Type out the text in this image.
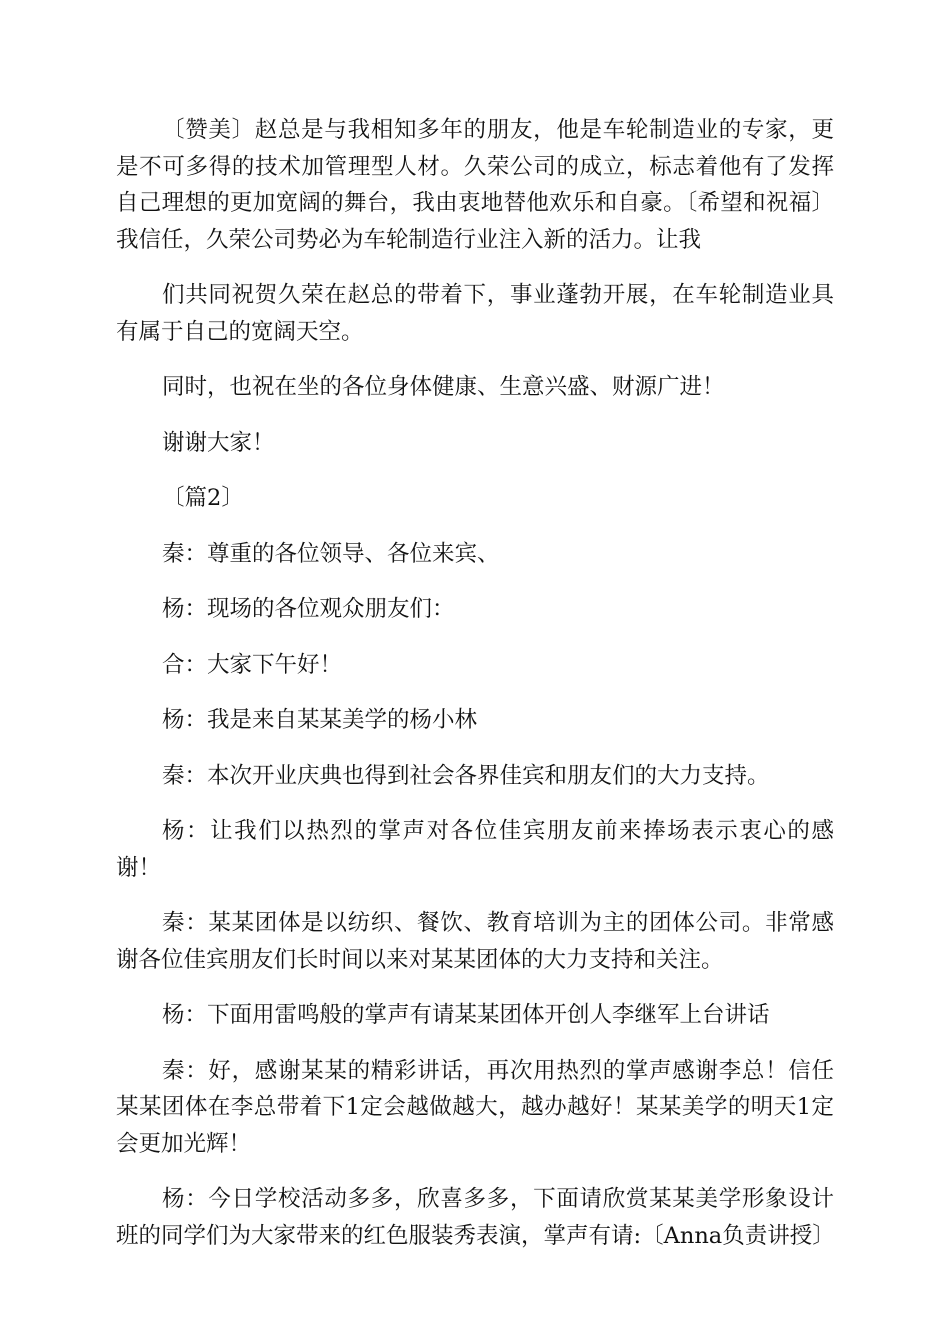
〔赞美〕赵总是与我相知多年的朋友，他是车轮制造业的专家，更是不可多得的技术加管理型人材。久荣公司的成立，标志着他有了发挥自己理想的更加宽阔的舞台，我由衷地替他欢乐和自豪。〔希望和祝福〕我信任，久荣公司势必为车轮制造行业注入新的活力。让我

们共同祝贺久荣在赵总的带着下，事业蓬勃开展，在车轮制造业具有属于自己的宽阔天空。

同时，也祝在坐的各位身体健康、生意兴盛、财源广进！

谢谢大家！

〔篇2〕

秦：尊重的各位领导、各位来宾、

杨：现场的各位观众朋友们：

合：大家下午好！

杨：我是来自某某美学的杨小林

秦：本次开业庆典也得到社会各界佳宾和朋友们的大力支持。

杨：让我们以热烈的掌声对各位佳宾朋友前来捧场表示衷心的感谢！

秦：某某团体是以纺织、餐饮、教育培训为主的团体公司。非常感谢各位佳宾朋友们长时间以来对某某团体的大力支持和关注。

杨：下面用雷鸣般的掌声有请某某团体开创人李继军上台讲话

秦：好，感谢某某的精彩讲话，再次用热烈的掌声感谢李总！信任某某团体在李总带着下1定会越做越大，越办越好！某某美学的明天1定会更加光辉！

杨：今日学校活动多多，欣喜多多，下面请欣赏某某美学形象设计班的同学们为大家带来的红色服装秀表演，掌声有请:〔Anna负责讲授〕
